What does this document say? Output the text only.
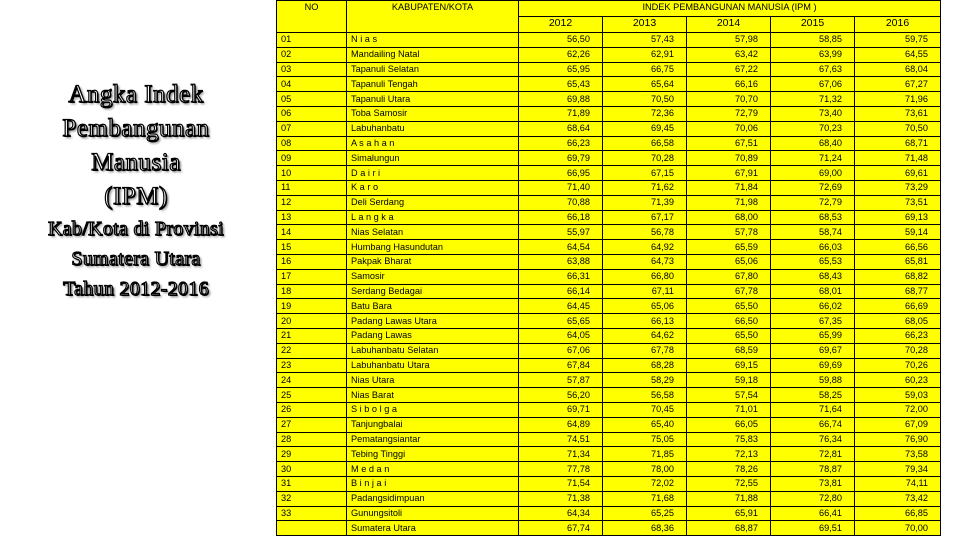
Angka Indek
Pembangunan
Manusia
(IPM)
Kab/Kota di Provinsi
Sumatera Utara
Tahun 2012-2016
NO	KABUPATEN/KOTA	INDEK PEMBANGUNAN MANUSIA (IPM )				
		2012	2013	2014	2015	2016
01	N i a s	56,50	57,43	57,98	58,85	59,75
02	Mandailing Natal	62,26	62,91	63,42	63,99	64,55
03	Tapanuli Selatan	65,95	66,75	67,22	67,63	68,04
04	Tapanuli Tengah	65,43	65,64	66,16	67,06	67,27
05	Tapanuli Utara	69,88	70,50	70,70	71,32	71,96
06	Toba Samosir	71,89	72,36	72,79	73,40	73,61
07	Labuhanbatu	68,64	69,45	70,06	70,23	70,50
08	A s a h a n	66,23	66,58	67,51	68,40	68,71
09	Simalungun	69,79	70,28	70,89	71,24	71,48
10	D a i r i	66,95	67,15	67,91	69,00	69,61
11	K a r o	71,40	71,62	71,84	72,69	73,29
12	Deli Serdang	70,88	71,39	71,98	72,79	73,51
13	L a n g k a	66,18	67,17	68,00	68,53	69,13
14	Nias Selatan	55,97	56,78	57,78	58,74	59,14
15	Humbang Hasundutan	64,54	64,92	65,59	66,03	66,56
16	Pakpak Bharat	63,88	64,73	65,06	65,53	65,81
17	Samosir	66,31	66,80	67,80	68,43	68,82
18	Serdang Bedagai	66,14	67,11	67,78	68,01	68,77
19	Batu Bara	64,45	65,06	65,50	66,02	66,69
20	Padang Lawas Utara	65,65	66,13	66,50	67,35	68,05
21	Padang Lawas	64,05	64,62	65,50	65,99	66,23
22	Labuhanbatu Selatan	67,06	67,78	68,59	69,67	70,28
23	Labuhanbatu Utara	67,84	68,28	69,15	69,69	70,26
24	Nias Utara	57,87	58,29	59,18	59,88	60,23
25	Nias Barat	56,20	56,58	57,54	58,25	59,03
26	S i b o l g a	69,71	70,45	71,01	71,64	72,00
27	Tanjungbalai	64,89	65,40	66,05	66,74	67,09
28	Pematangsiantar	74,51	75,05	75,83	76,34	76,90
29	Tebing Tinggi	71,34	71,85	72,13	72,81	73,58
30	M e d a n	77,78	78,00	78,26	78,87	79,34
31	B i n j a i	71,54	72,02	72,55	73,81	74,11
32	Padangsidimpuan	71,38	71,68	71,88	72,80	73,42
33	Gunungsitoli	64,34	65,25	65,91	66,41	66,85
	Sumatera Utara	67,74	68,36	68,87	69,51	70,00
